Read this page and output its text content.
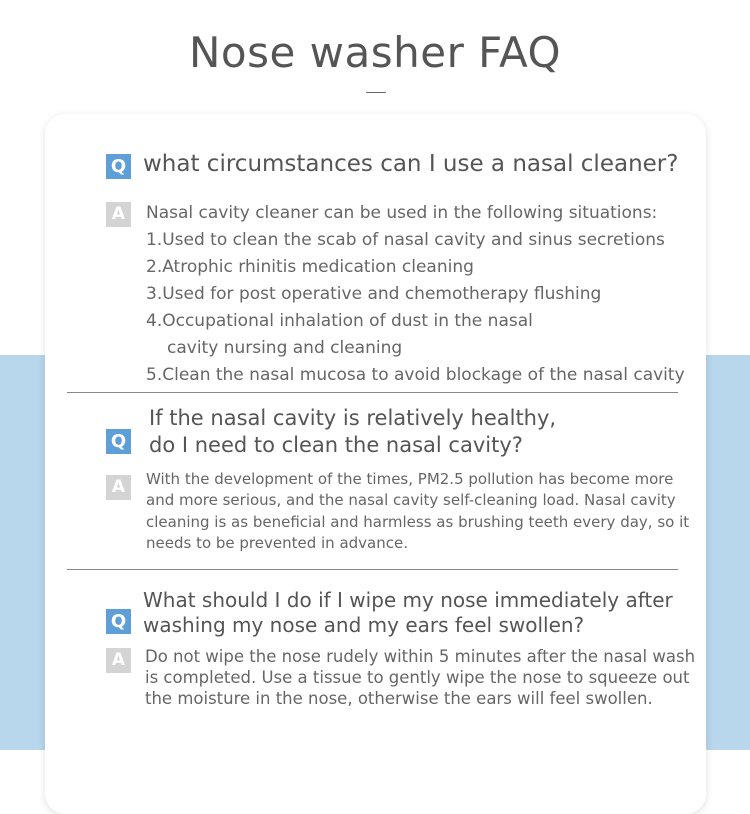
Nose washer FAQ
Q what circumstances can I use a nasal cleaner?
A	Nasal cavity cleaner can be used in the following situations:
1.Used to clean the scab of nasal cavity and sinus secretions
2.Atrophic rhinitis medication cleaning
3.Used for post operative and chemotherapy flushing
4.Occupational inhalation of dust in the nasal
cavity nursing and cleaning
5.Clean the nasal mucosa to avoid blockage of the nasal cavity
If the nasal cavity is relatively healthy,
do I need to clean the nasal cavity?
Q
A	With the development of the times, PM2.5 pollution has become more
and more serious, and the nasal cavity self-cleaning load. Nasal cavity
cleaning is as beneficial and harmless as brushing teeth every day, so it
needs to be prevented in advance.
What should I do if I wipe my nose immediately after
washing my nose and my ears feel swollen?
Q
A	Do not wipe the nose rudely within 5 minutes after the nasal wash
is completed. Use a tissue to gently wipe the nose to squeeze out
the moisture in the nose, otherwise the ears will feel swollen.
